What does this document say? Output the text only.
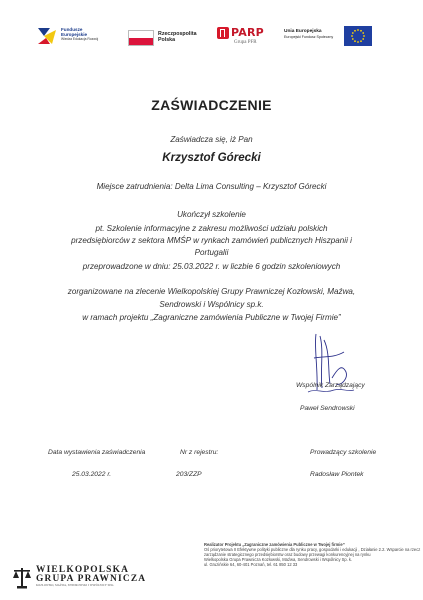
Fundusze
Europejskie
Wiedza Edukacja Rozwój
Rzeczpospolita
Polska
PARP
Grupa PFR
Unia Europejska
Europejski Fundusz Społeczny
ZAŚWIADCZENIE
Zaświadcza się, iż Pan
Krzysztof Górecki
Miejsce zatrudnienia: Delta Lima Consulting – Krzysztof Górecki
Ukończył szkolenie
pt. Szkolenie informacyjne z zakresu możliwości udziału polskich
przedsiębiorców z sektora MMŚP w rynkach zamówień publicznych Hiszpanii i
Portugalii
przeprowadzone w dniu: 25.03.2022 r. w liczbie 6 godzin szkoleniowych
zorganizowane na zlecenie Wielkopolskiej Grupy Prawniczej Kozłowski, Maźwa,
Sendrowski i Wspólnicy sp.k.
w ramach projektu „Zagraniczne zamówienia Publiczne w Twojej Firmie”
Wspólnik Zarządzający
Paweł Sendrowski
Data wystawienia zaświadczenia
25.03.2022 r.
Nr z rejestru:
203/ZZP
Prowadzący szkolenie
Radosław Piontek
WIELKOPOLSKA
GRUPA PRAWNICZA
KOZŁOWSKI, MAŹWA, SENDROWSKI I WSPÓLNICY SP.K.
Realizator Projektu „Zagraniczne zamówienia Publiczne w Twojej firmie”
Oś priorytetowa II Efektywne polityki publiczne dla rynku pracy, gospodarki i edukacji , Działanie 2.2. Wsparcie na rzecz
zarządzanie strategicznego przedsiębiorstw oraz budowy przewagi konkurencyjnej na rynku
Wielkopolska Grupa Prawnicza Kozłowski, Maźwa, Sendrowski i Wspólnicy Sp. k.
ul. Gruzińskie 64, 60-401 Poznań, tel. 61 850 12 33
